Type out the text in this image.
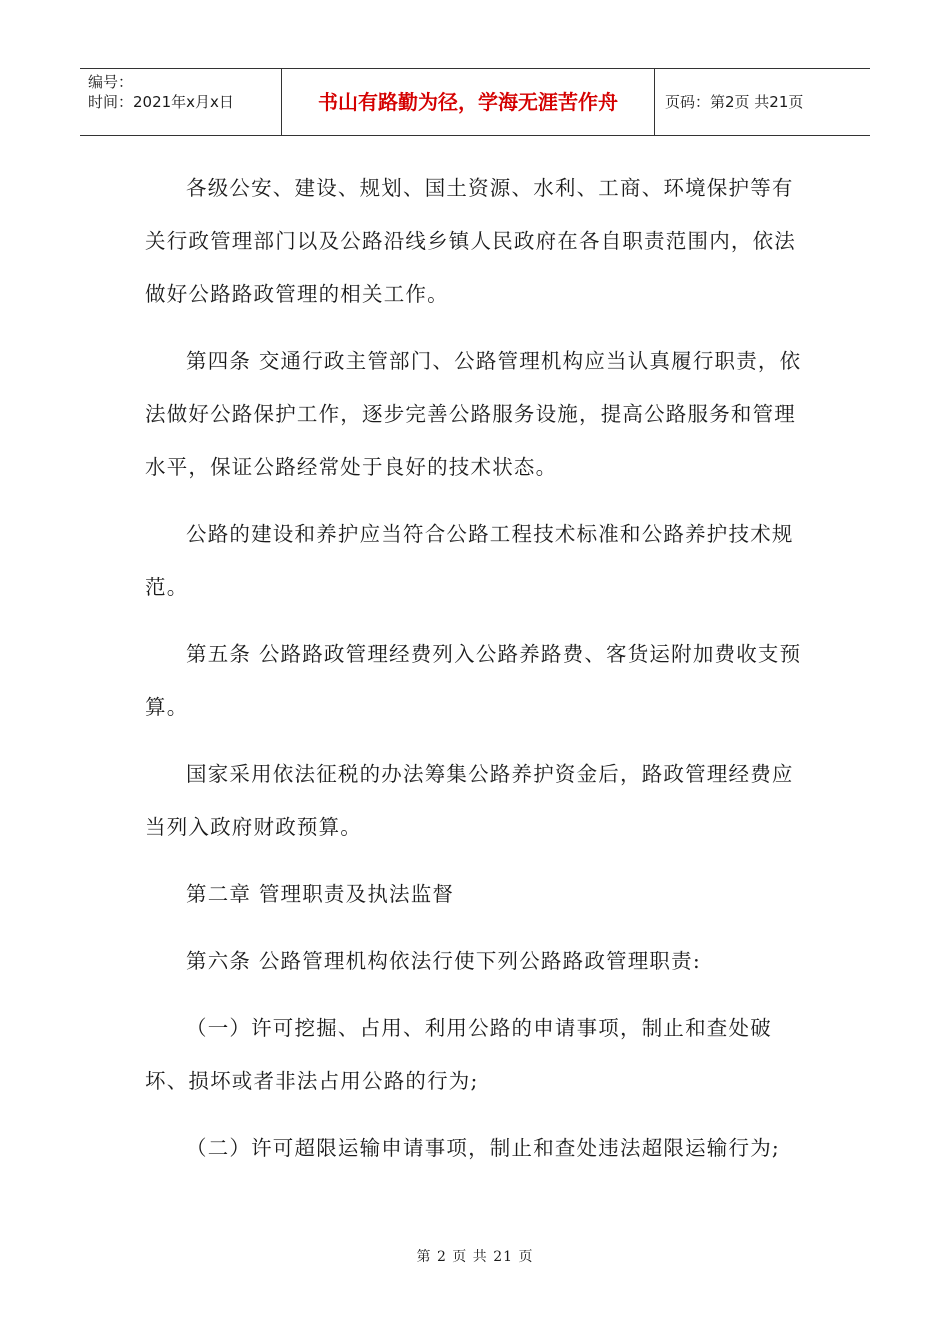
编号：
时间：2021年x月x日	书山有路勤为径，学海无涯苦作舟	页码：第2页 共21页

各级公安、建设、规划、国土资源、水利、工商、环境保护等有关行政管理部门以及公路沿线乡镇人民政府在各自职责范围内，依法做好公路路政管理的相关工作。

第四条 交通行政主管部门、公路管理机构应当认真履行职责，依法做好公路保护工作，逐步完善公路服务设施，提高公路服务和管理水平，保证公路经常处于良好的技术状态。

公路的建设和养护应当符合公路工程技术标准和公路养护技术规范。

第五条 公路路政管理经费列入公路养路费、客货运附加费收支预算。

国家采用依法征税的办法筹集公路养护资金后，路政管理经费应当列入政府财政预算。

第二章 管理职责及执法监督

第六条 公路管理机构依法行使下列公路路政管理职责:

（一）许可挖掘、占用、利用公路的申请事项，制止和查处破坏、损坏或者非法占用公路的行为;

（二）许可超限运输申请事项，制止和查处违法超限运输行为;

第 2 页 共 21 页
